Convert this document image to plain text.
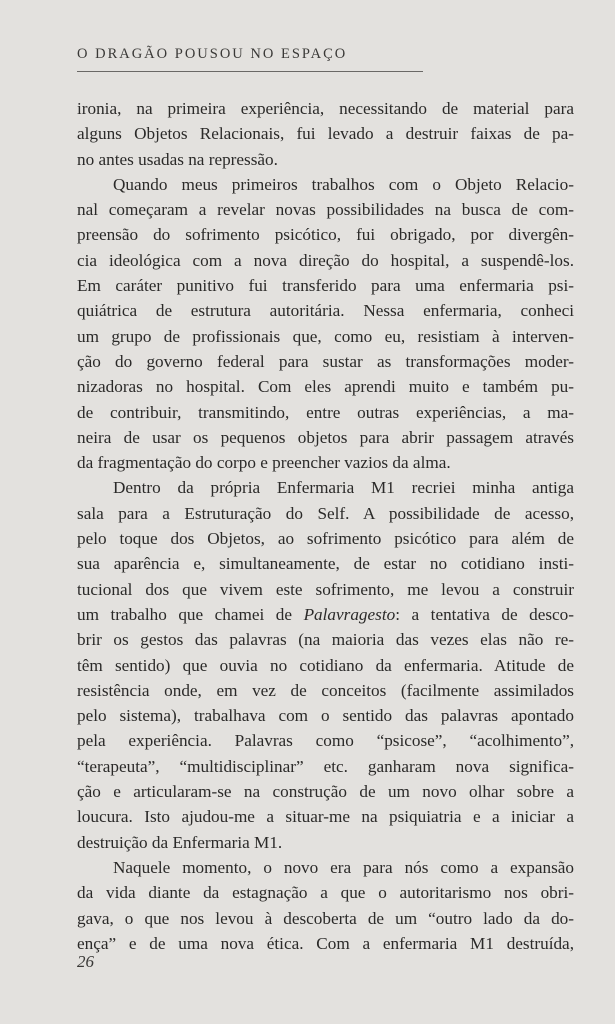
O DRAGÃO POUSOU NO ESPAÇO
ironia, na primeira experiência, necessitando de material para
alguns Objetos Relacionais, fui levado a destruir faixas de pa-
no antes usadas na repressão.
Quando meus primeiros trabalhos com o Objeto Relacio-
nal começaram a revelar novas possibilidades na busca de com-
preensão do sofrimento psicótico, fui obrigado, por divergên-
cia ideológica com a nova direção do hospital, a suspendê-los.
Em caráter punitivo fui transferido para uma enfermaria psi-
quiátrica de estrutura autoritária. Nessa enfermaria, conheci
um grupo de profissionais que, como eu, resistiam à interven-
ção do governo federal para sustar as transformações moder-
nizadoras no hospital. Com eles aprendi muito e também pu-
de contribuir, transmitindo, entre outras experiências, a ma-
neira de usar os pequenos objetos para abrir passagem através
da fragmentação do corpo e preencher vazios da alma.
Dentro da própria Enfermaria M1 recriei minha antiga
sala para a Estruturação do Self. A possibilidade de acesso,
pelo toque dos Objetos, ao sofrimento psicótico para além de
sua aparência e, simultaneamente, de estar no cotidiano insti-
tucional dos que vivem este sofrimento, me levou a construir
um trabalho que chamei de Palavragesto: a tentativa de desco-
brir os gestos das palavras (na maioria das vezes elas não re-
têm sentido) que ouvia no cotidiano da enfermaria. Atitude de
resistência onde, em vez de conceitos (facilmente assimilados
pelo sistema), trabalhava com o sentido das palavras apontado
pela experiência. Palavras como “psicose”, “acolhimento”,
“terapeuta”, “multidisciplinar” etc. ganharam nova significa-
ção e articularam-se na construção de um novo olhar sobre a
loucura. Isto ajudou-me a situar-me na psiquiatria e a iniciar a
destruição da Enfermaria M1.
Naquele momento, o novo era para nós como a expansão
da vida diante da estagnação a que o autoritarismo nos obri-
gava, o que nos levou à descoberta de um “outro lado da do-
ença” e de uma nova ética. Com a enfermaria M1 destruída,
26
